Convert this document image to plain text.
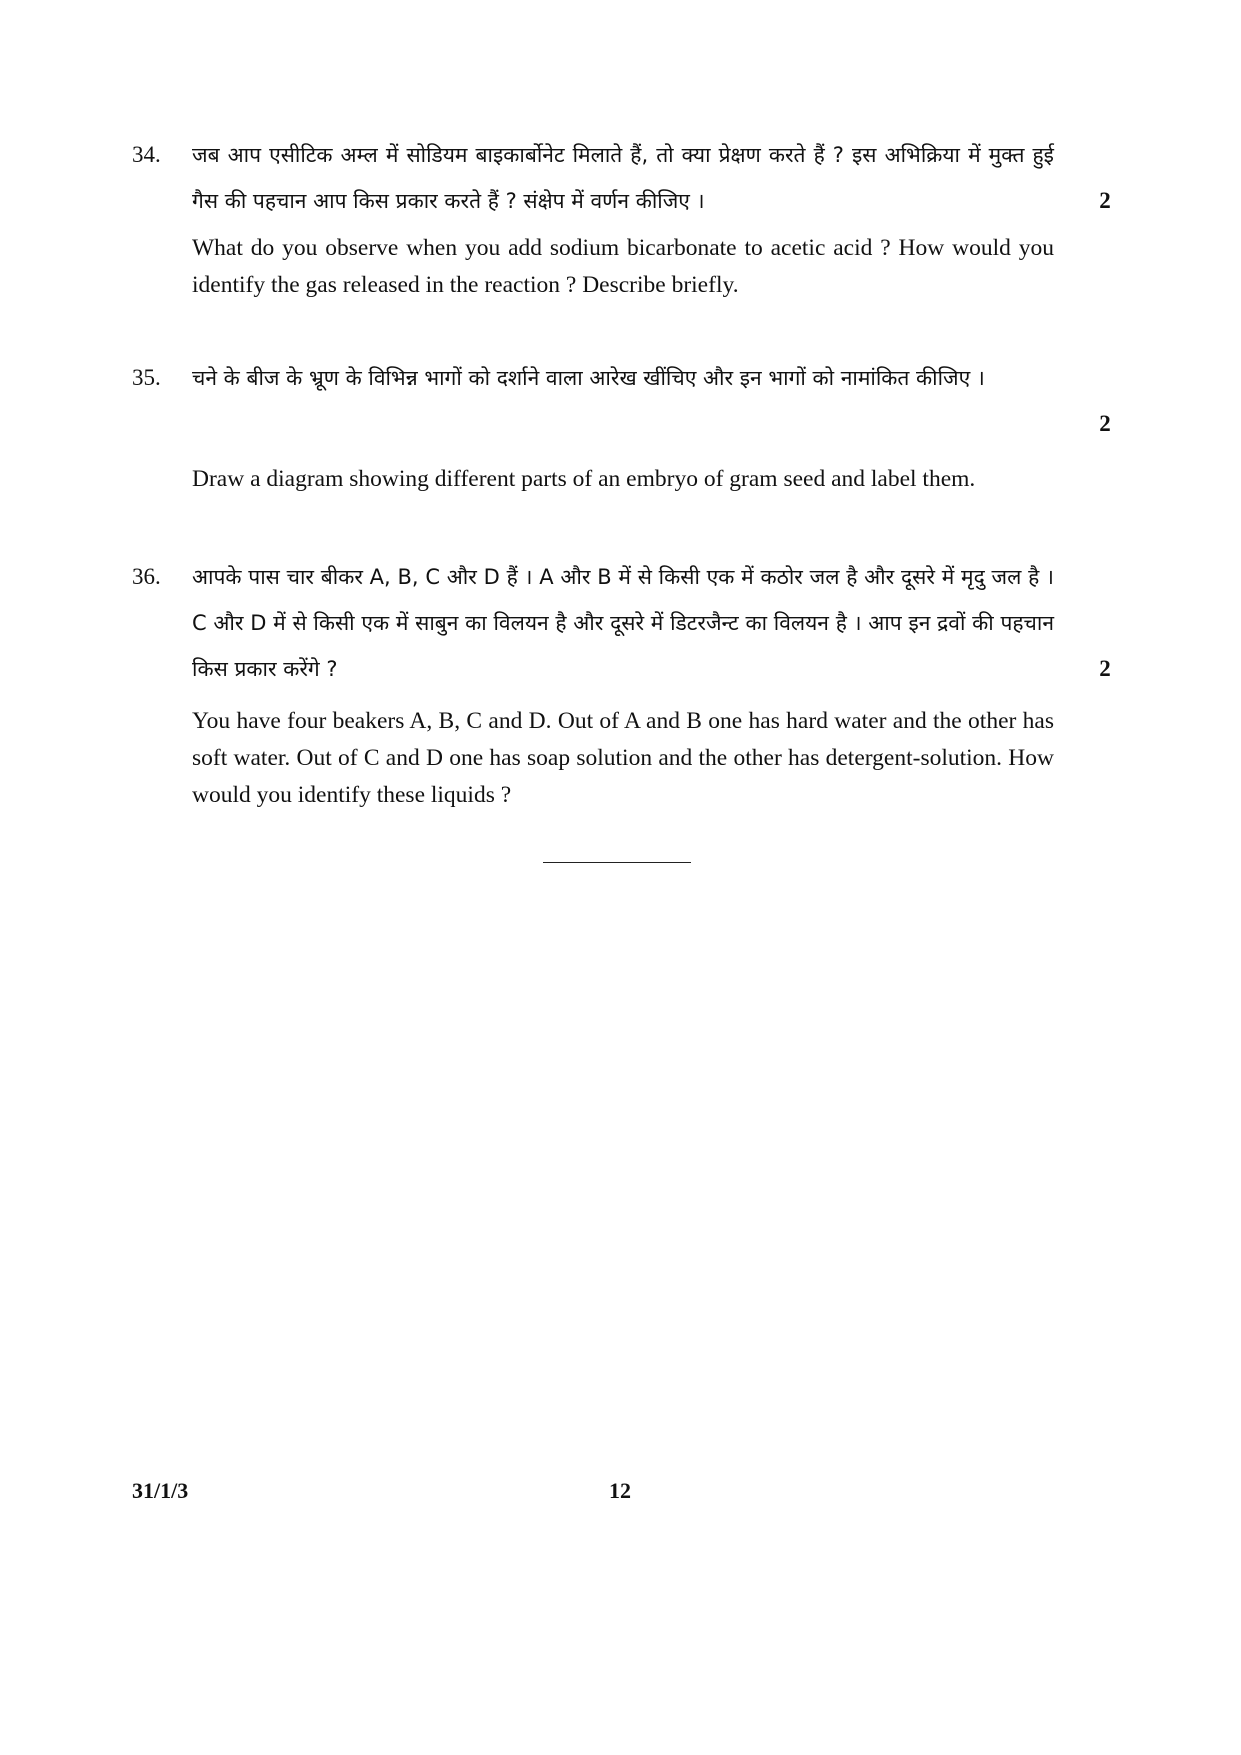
34. जब आप एसीटिक अम्ल में सोडियम बाइकार्बोनेट मिलाते हैं, तो क्या प्रेक्षण करते हैं ? इस अभिक्रिया में मुक्त हुई गैस की पहचान आप किस प्रकार करते हैं ? संक्षेप में वर्णन कीजिए ।	2
What do you observe when you add sodium bicarbonate to acetic acid ? How would you identify the gas released in the reaction ? Describe briefly.
35. चने के बीज के भ्रूण के विभिन्न भागों को दर्शाने वाला आरेख खींचिए और इन भागों को नामांकित कीजिए ।
2
Draw a diagram showing different parts of an embryo of gram seed and label them.
36. आपके पास चार बीकर A, B, C और D हैं । A और B में से किसी एक में कठोर जल है और दूसरे में मृदु जल है । C और D में से किसी एक में साबुन का विलयन है और दूसरे में डिटरजैन्ट का विलयन है । आप इन द्रवों की पहचान किस प्रकार करेंगे ?	2
You have four beakers A, B, C and D. Out of A and B one has hard water and the other has soft water. Out of C and D one has soap solution and the other has detergent-solution. How would you identify these liquids ?
31/1/3	12
